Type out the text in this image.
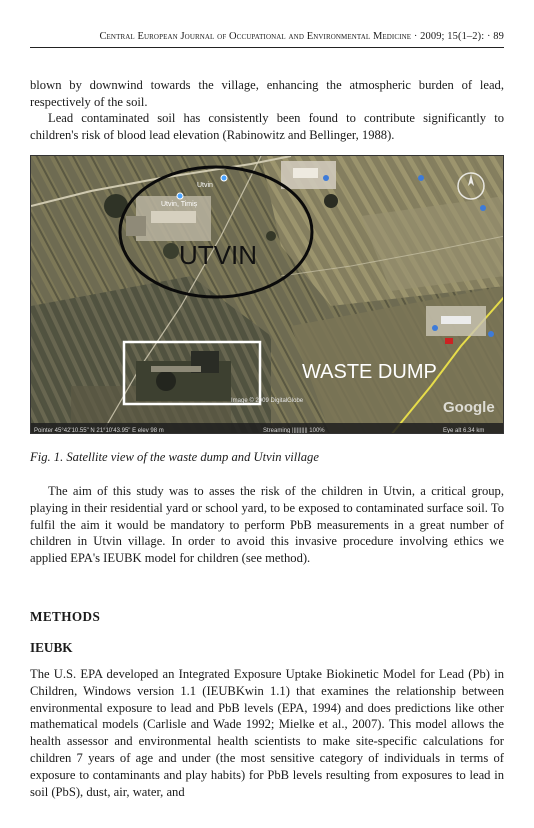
Central European Journal of Occupational and Environmental Medicine · 2009; 15(1–2): · 89

blown by downwind towards the village, enhancing the atmospheric burden of lead, respectively of the soil.

Lead contaminated soil has consistently been found to contribute significantly to children's risk of blood lead elevation (Rabinowitz and Bellinger, 1988).

UTVIN
WASTE DUMP
Utvin
Utvin, Timiș
Image © 2009 DigitalGlobe	Google
Pointer 45°42'10.55" N 21°10'43.95" E elev 98 m	Streaming |||||||||| 100%	Eye alt 6.34 km
Fig. 1. Satellite view of the waste dump and Utvin village

The aim of this study was to asses the risk of the children in Utvin, a critical group, playing in their residential yard or school yard, to be exposed to contaminated surface soil. To fulfil the aim it would be mandatory to perform PbB measurements in a great number of children in Utvin village. In order to avoid this invasive procedure involving ethics we applied EPA's IEUBK model for children (see method).

METHODS
IEUBK

The U.S. EPA developed an Integrated Exposure Uptake Biokinetic Model for Lead (Pb) in Children, Windows version 1.1 (IEUBKwin 1.1) that examines the relationship between environmental exposure to lead and PbB levels (EPA, 1994) and does predictions like other mathematical models (Carlisle and Wade 1992; Mielke et al., 2007). This model allows the health assessor and environmental health scientists to make site-specific calculations for children 7 years of age and under (the most sensitive category of individuals in terms of exposure to contaminants and play habits) for PbB levels resulting from exposures to lead in soil (PbS), dust, air, water, and
